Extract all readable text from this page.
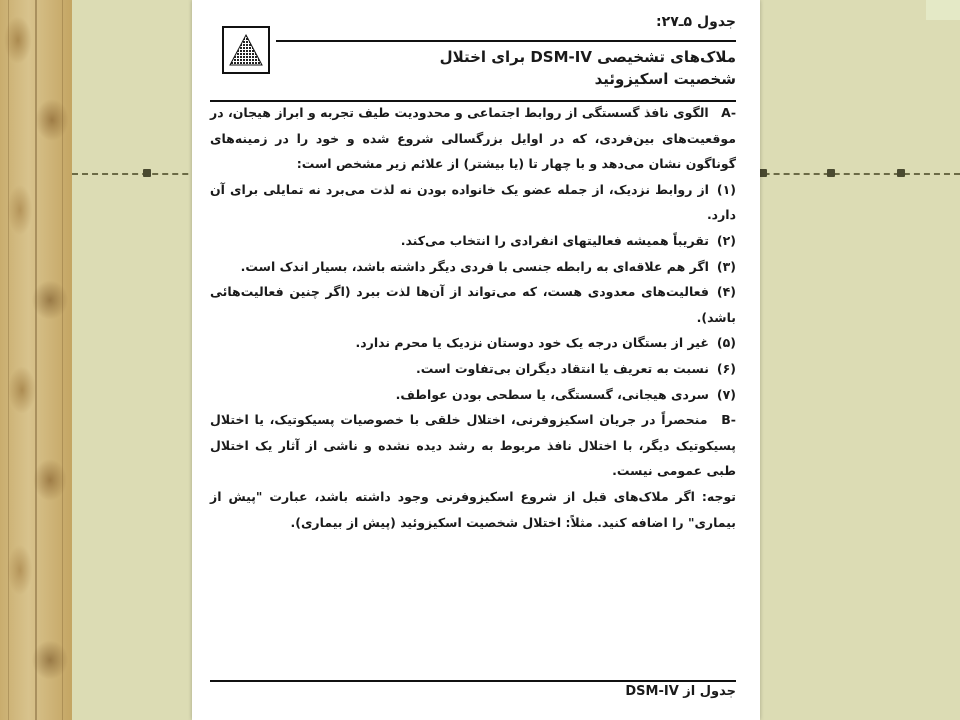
جدول ۵ـ۲۷:
ملاک‌های تشخیصی DSM-IV برای اختلال
شخصیت اسکیزوئید

-A الگوی نافذ گسستگی از روابط اجتماعی و محدودیت طیف تجربه و ابراز هیجان، در موقعیت‌های بین‌فردی، که در اوایل بزرگسالی شروع شده و خود را در زمینه‌های گوناگون نشان می‌دهد و با چهار تا (یا بیشتر) از علائم زیر مشخص است:

(۱)از روابط نزدیک، از جمله عضو یک خانواده بودن نه لذت می‌برد نه تمایلی برای آن دارد.

(۲)تقریباً همیشه فعالیتهای انفرادی را انتخاب می‌کند.

(۳)اگر هم علاقه‌ای به رابطه جنسی با فردی دیگر داشته باشد، بسیار اندک است.

(۴)فعالیت‌های معدودی هست، که می‌تواند از آن‌ها لذت ببرد (اگر چنین فعالیت‌هائی باشد).

(۵)غیر از بستگان درجه یک خود دوستان نزدیک یا محرم ندارد.

(۶)نسبت به تعریف یا انتقاد دیگران بی‌تفاوت است.

(۷)سردی هیجانی، گسستگی، یا سطحی بودن عواطف.

-B منحصراً در جریان اسکیزوفرنی، اختلال خلقی با خصوصیات پسیکوتیک، یا اختلال پسیکوتیک دیگر، با اختلال نافذ مربوط به رشد دیده نشده و ناشی از آثار یک اختلال طبی عمومی نیست.

توجه: اگر ملاک‌های قبل از شروع اسکیزوفرنی وجود داشته باشد، عبارت "پیش از بیماری" را اضافه کنید. مثلاً: اختلال شخصیت اسکیزوئید (پیش از بیماری).

جدول از DSM-IV
